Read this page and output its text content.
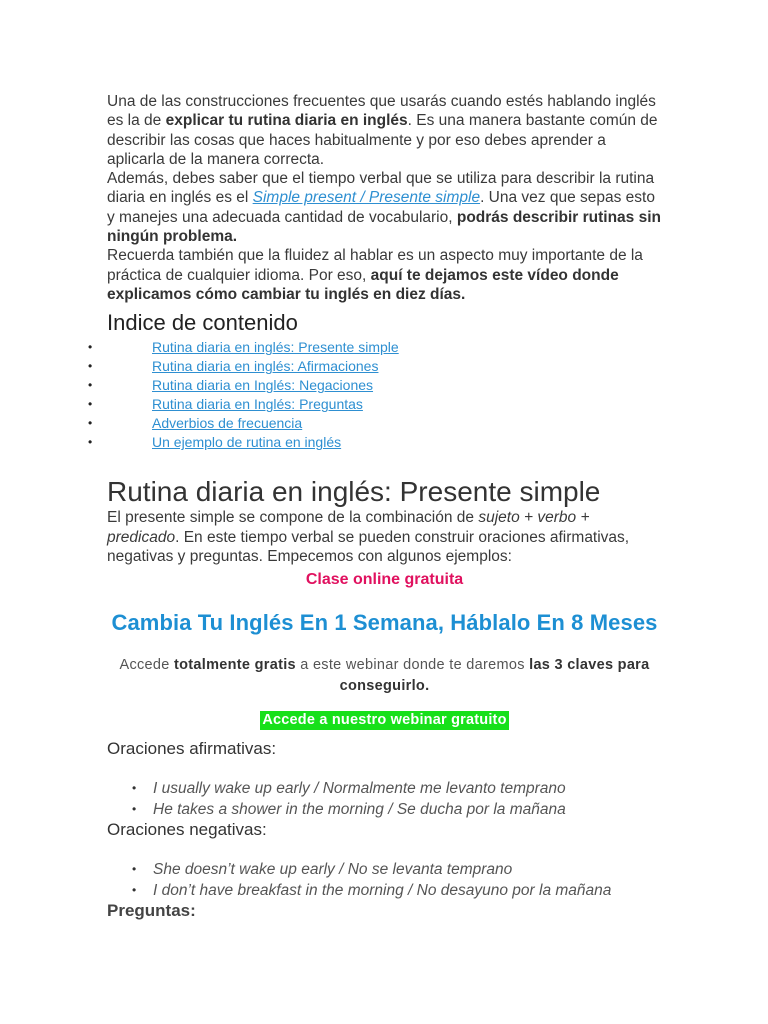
Una de las construcciones frecuentes que usarás cuando estés hablando inglés es la de explicar tu rutina diaria en inglés. Es una manera bastante común de describir las cosas que haces habitualmente y por eso debes aprender a aplicarla de la manera correcta.

Además, debes saber que el tiempo verbal que se utiliza para describir la rutina diaria en inglés es el Simple present / Presente simple. Una vez que sepas esto y manejes una adecuada cantidad de vocabulario, podrás describir rutinas sin ningún problema.

Recuerda también que la fluidez al hablar es un aspecto muy importante de la práctica de cualquier idioma. Por eso, aquí te dejamos este vídeo donde explicamos cómo cambiar tu inglés en diez días.

Indice de contenido
•	Rutina diaria en inglés: Presente simple
•	Rutina diaria en inglés: Afirmaciones
•	Rutina diaria en Inglés: Negaciones
•	Rutina diaria en Inglés: Preguntas
•	Adverbios de frecuencia
•	Un ejemplo de rutina en inglés
Rutina diaria en inglés: Presente simple

El presente simple se compone de la combinación de sujeto + verbo + predicado. En este tiempo verbal se pueden construir oraciones afirmativas, negativas y preguntas. Empecemos con algunos ejemplos:

Clase online gratuita
Cambia Tu Inglés En 1 Semana, Háblalo En 8 Meses
Accede totalmente gratis a este webinar donde te daremos las 3 claves para conseguirlo.
Accede a nuestro webinar gratuito
Oraciones afirmativas:
• I usually wake up early / Normalmente me levanto temprano
• He takes a shower in the morning / Se ducha por la mañana
Oraciones negativas:
• She doesn’t wake up early / No se levanta temprano
• I don’t have breakfast in the morning / No desayuno por la mañana
Preguntas:
